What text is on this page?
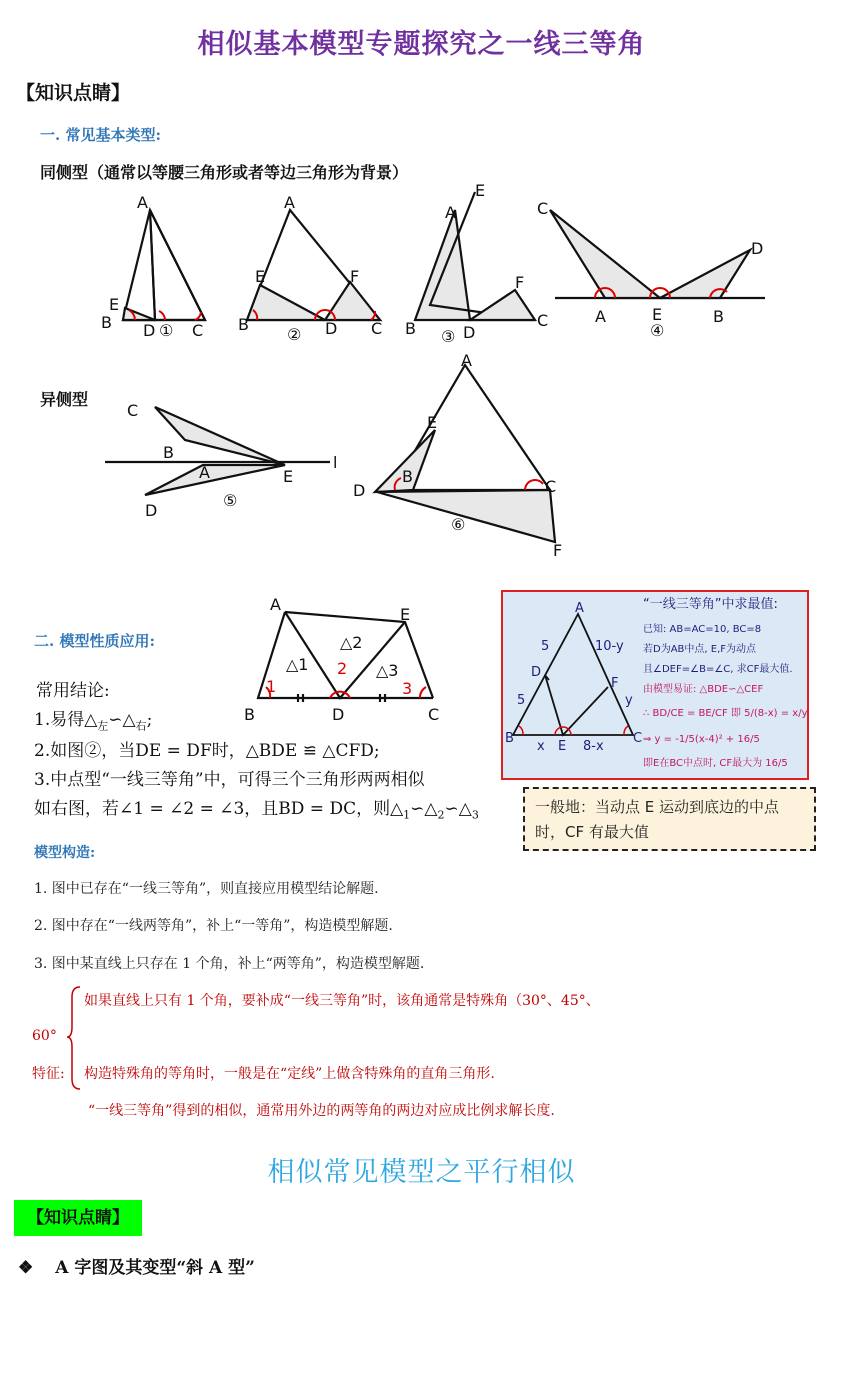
相似基本模型专题探究之一线三等角
【知识点睛】
一. 常见基本类型:
同侧型（通常以等腰三角形或者等边三角形为背景）
异侧型
A
E
B D ① C
A
E	F
B
② D C
A
E
F
B ③ D
C
C
D
A	E
④
B
C
B
A	E
l
D
⑤
A
E
B
D	C
⑥
F
二. 模型性质应用:
A
E
B	D	C
△1
△2
△3
1
2
3
常用结论:
1.易得$\triangle_左∽\triangle_右$;
2.如图②，当DE = DF时，△BDE ≌ △CFD;
3.中点型“一线三等角”中，可得三个三角形两两相似
如右图，若∠1 = ∠2 = ∠3，且BD = DC，则$\triangle_1∽\triangle_2∽\triangle_3$
A
D
F
B
E
C
5
5
10-y
y
x	8-x
“一线三等角”中求最值:
已知: AB=AC=10, BC=8
若D为AB中点, E,F为动点
且∠DEF=∠B=∠C, 求CF最大值.
由模型易证: △BDE∽△CEF
∴ BD/CE = BE/CF 即 5/(8-x) = x/y
⇒ y = -1/5(x-4)² + 16/5
即E在BC中点时, CF最大为 16/5
一般地：当动点 E 运动到底边的中点时，CF 有最大值
模型构造:
1. 图中已存在“一线三等角”，则直接应用模型结论解题.
2. 图中存在“一线两等角”，补上“一等角”，构造模型解题.
3. 图中某直线上只存在 1 个角，补上“两等角”，构造模型解题.
如果直线上只有 1 个角，要补成“一线三等角”时，该角通常是特殊角（30°、45°、
60°
特征: 构造特殊角的等角时，一般是在“定线”上做含特殊角的直角三角形.
“一线三等角”得到的相似，通常用外边的两等角的两边对应成比例求解长度.
相似常见模型之平行相似
【知识点睛】
❖ A 字图及其变型“斜 A 型”
